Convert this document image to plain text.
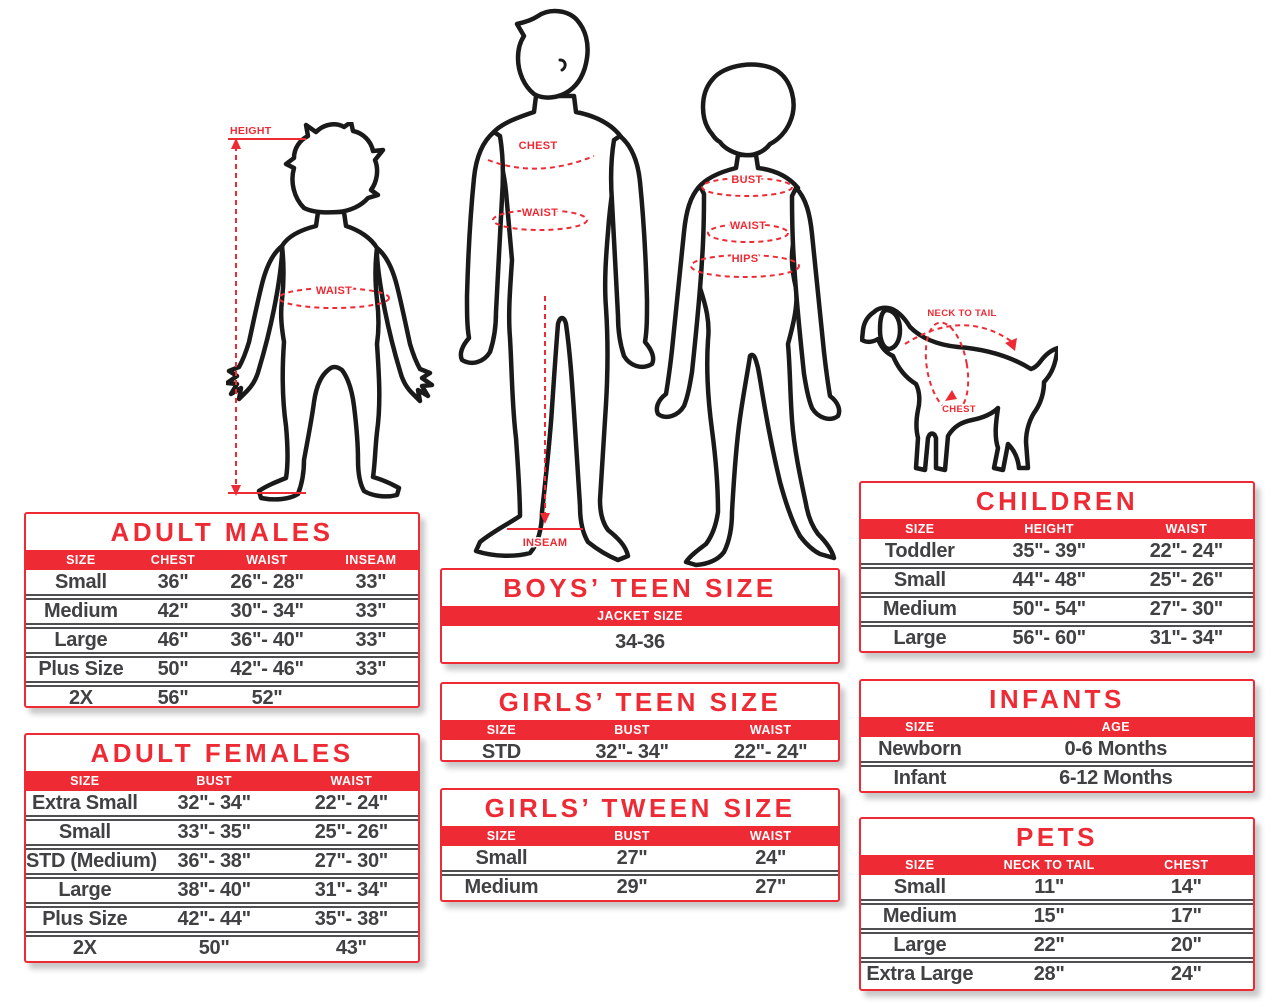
HEIGHT
WAIST
CHEST
WAIST
INSEAM
BUST
WAIST
HIPS
NECK TO TAIL
CHEST
ADULT MALES
SIZE	CHEST	WAIST	INSEAM
Small	36"	26"- 28"	33"
Medium	42"	30"- 34"	33"
Large	46"	36"- 40"	33"
Plus Size	50"	42"- 46"	33"
2X	56"	52"
ADULT FEMALES
SIZE	BUST	WAIST
Extra Small	32"- 34"	22"- 24"
Small	33"- 35"	25"- 26"
STD (Medium)	36"- 38"	27"- 30"
Large	38"- 40"	31"- 34"
Plus Size	42"- 44"	35"- 38"
2X	50"	43"
BOYS’ TEEN SIZE
JACKET SIZE
34-36
GIRLS’ TEEN SIZE
SIZE	BUST	WAIST
STD	32"- 34"	22"- 24"
GIRLS’ TWEEN SIZE
SIZE	BUST	WAIST
Small	27"	24"
Medium	29"	27"
CHILDREN
SIZE	HEIGHT	WAIST
Toddler	35"- 39"	22"- 24"
Small	44"- 48"	25"- 26"
Medium	50"- 54"	27"- 30"
Large	56"- 60"	31"- 34"
INFANTS
SIZE	AGE
Newborn	0-6 Months
Infant	6-12 Months
PETS
SIZE	NECK TO TAIL	CHEST
Small	11"	14"
Medium	15"	17"
Large	22"	20"
Extra Large	28"	24"
